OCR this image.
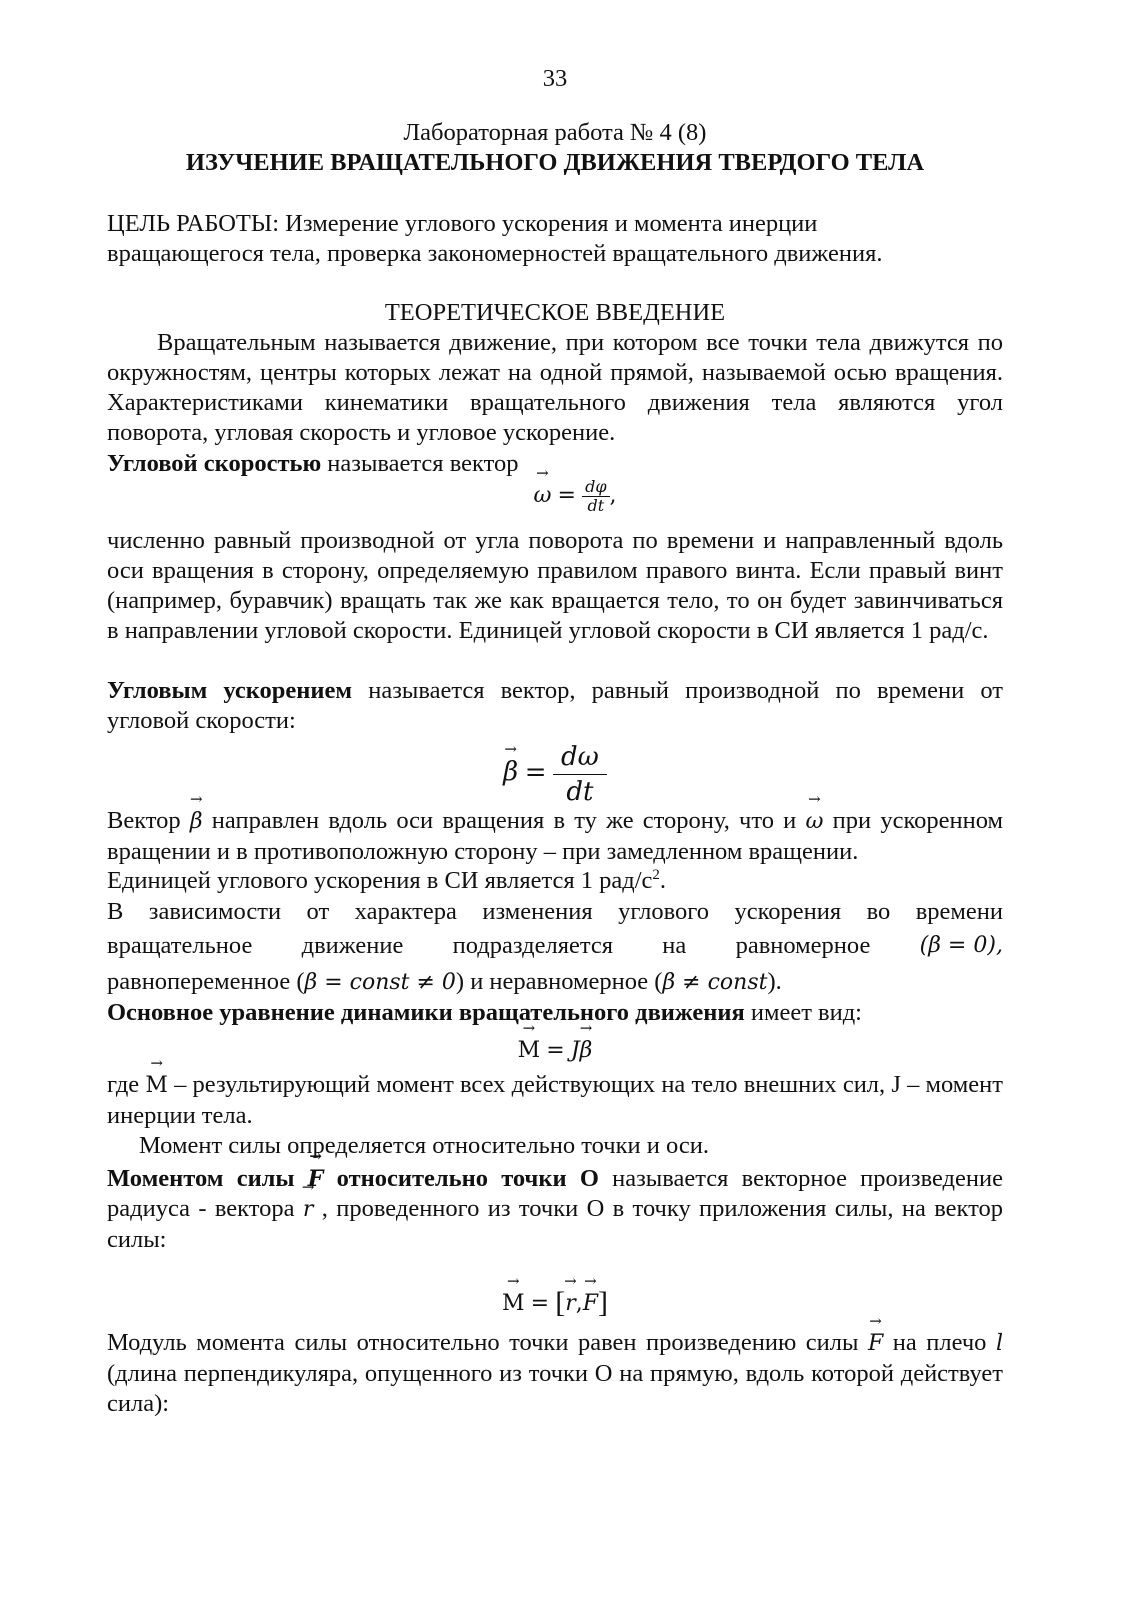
33
Лабораторная работа № 4 (8)
ИЗУЧЕНИЕ ВРАЩАТЕЛЬНОГО ДВИЖЕНИЯ ТВЕРДОГО ТЕЛА
ЦЕЛЬ РАБОТЫ: Измерение углового ускорения и момента инерции
вращающегося тела, проверка закономерностей вращательного движения.
ТЕОРЕТИЧЕСКОЕ ВВЕДЕНИЕ
Вращательным называется движение, при котором все точки тела движутся по окружностям, центры которых лежат на одной прямой, называемой осью вращения. Характеристиками кинематики вращательного движения тела являются угол поворота, угловая скорость и угловое ускорение.
Угловой скоростью называется вектор
→ $\omega = \frac{d\varphi}{dt}$ ,
численно равный производной от угла поворота по времени и направленный вдоль оси вращения в сторону, определяемую правилом правого винта. Если правый винт (например, буравчик) вращать так же как вращается тело, то он будет завинчиваться в направлении угловой скорости. Единицей угловой скорости в СИ является 1 рад/с.
Угловым ускорением называется вектор, равный производной по времени от угловой скорости:
→ $\beta = \frac{d\omega}{dt}$
Вектор → β направлен вдоль оси вращения в ту же сторону, что и → ω при ускоренном вращении и в противоположную сторону – при замедленном вращении.
Единицей углового ускорения в СИ является 1 рад/$с^2$.
В зависимости от характера изменения углового ускорения во времени
вращательное движение подразделяется на равномерное (β = 0),
равнопеременное (β = const ≠ 0) и неравномерное (β ≠ const).
Основное уравнение динамики вращательного движения имеет вид:
→ M = J→ β
где → M – результирующий момент всех действующих на тело внешних сил, J – момент инерции тела.
Момент силы определяется относительно точки и оси.
Моментом силы → F относительно точки О называется векторное произведение радиуса - вектора → r , проведенного из точки О в точку приложения силы, на вектор силы:
→ M = [→ r,→ F]
Модуль момента силы относительно точки равен произведению силы → F на плечо l (длина перпендикуляра, опущенного из точки О на прямую, вдоль которой действует сила):
